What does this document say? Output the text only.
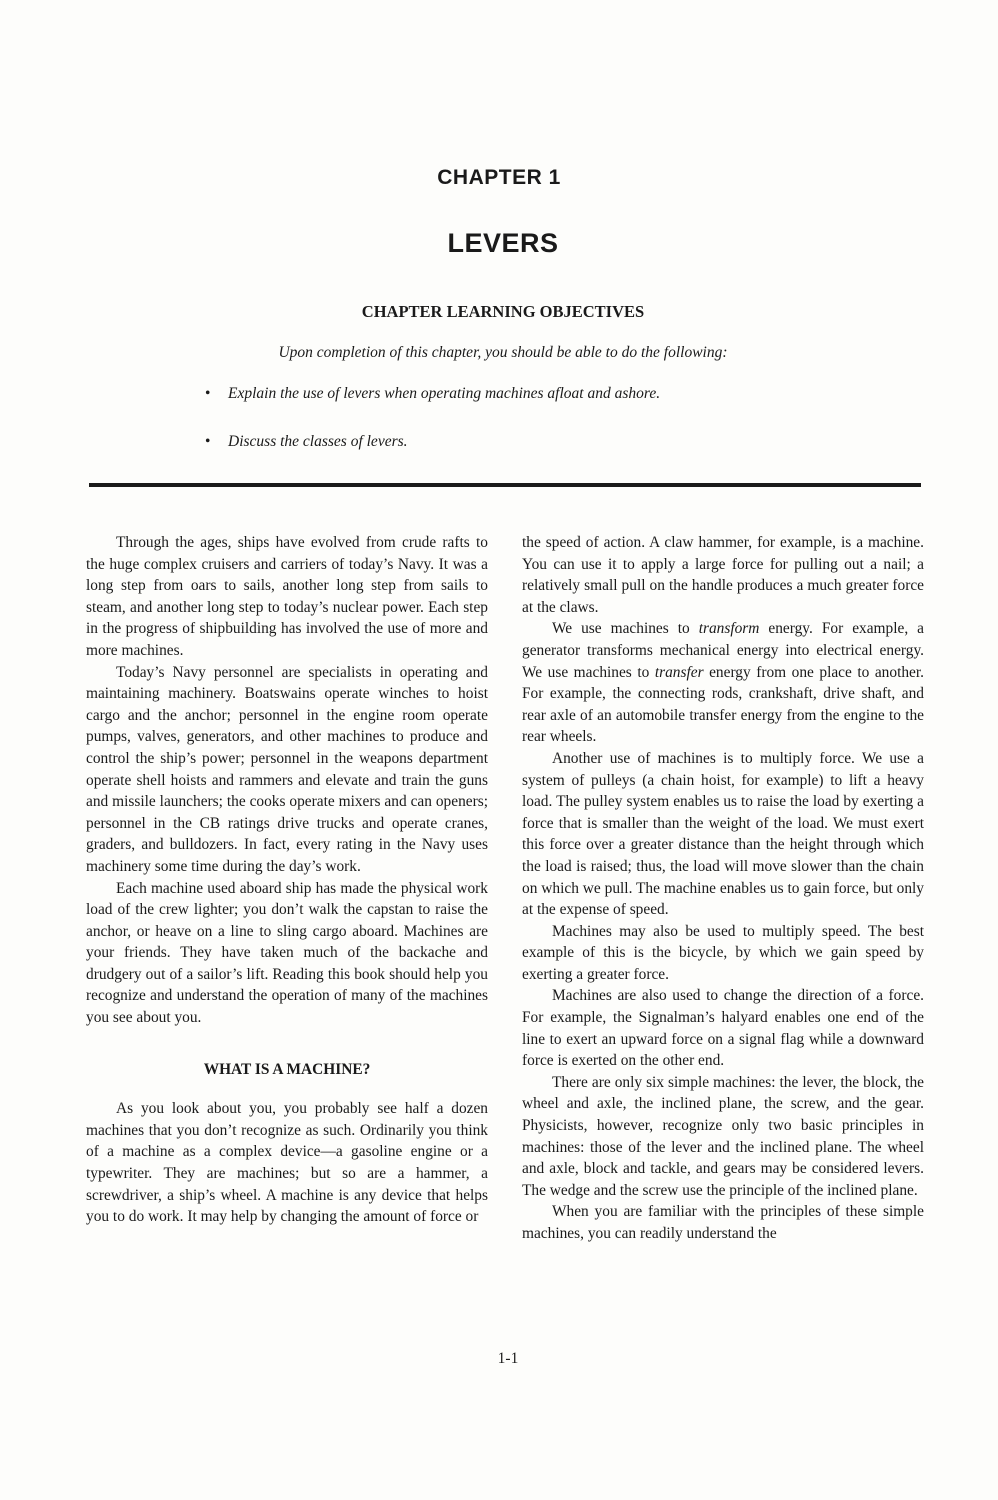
CHAPTER 1
LEVERS
CHAPTER LEARNING OBJECTIVES
Upon completion of this chapter, you should be able to do the following:
• Explain the use of levers when operating machines afloat and ashore.
• Discuss the classes of levers.

Through the ages, ships have evolved from crude rafts to the huge complex cruisers and carriers of today’s Navy. It was a long step from oars to sails, another long step from sails to steam, and another long step to today’s nuclear power. Each step in the progress of shipbuilding has involved the use of more and more machines.

Today’s Navy personnel are specialists in operating and maintaining machinery. Boatswains operate winches to hoist cargo and the anchor; personnel in the engine room operate pumps, valves, generators, and other machines to produce and control the ship’s power; personnel in the weapons department operate shell hoists and rammers and elevate and train the guns and missile launchers; the cooks operate mixers and can openers; personnel in the CB ratings drive trucks and operate cranes, graders, and bulldozers. In fact, every rating in the Navy uses machinery some time during the day’s work.

Each machine used aboard ship has made the physical work load of the crew lighter; you don’t walk the capstan to raise the anchor, or heave on a line to sling cargo aboard. Machines are your friends. They have taken much of the backache and drudgery out of a sailor’s lift. Reading this book should help you recognize and understand the operation of many of the machines you see about you.

WHAT IS A MACHINE?

As you look about you, you probably see half a dozen machines that you don’t recognize as such. Ordinarily you think of a machine as a complex device—a gasoline engine or a typewriter. They are machines; but so are a hammer, a screwdriver, a ship’s wheel. A machine is any device that helps you to do work. It may help by changing the amount of force or

the speed of action. A claw hammer, for example, is a machine. You can use it to apply a large force for pulling out a nail; a relatively small pull on the handle produces a much greater force at the claws.

We use machines to transform energy. For example, a generator transforms mechanical energy into electrical energy. We use machines to transfer energy from one place to another. For example, the connecting rods, crankshaft, drive shaft, and rear axle of an automobile transfer energy from the engine to the rear wheels.

Another use of machines is to multiply force. We use a system of pulleys (a chain hoist, for example) to lift a heavy load. The pulley system enables us to raise the load by exerting a force that is smaller than the weight of the load. We must exert this force over a greater distance than the height through which the load is raised; thus, the load will move slower than the chain on which we pull. The machine enables us to gain force, but only at the expense of speed.

Machines may also be used to multiply speed. The best example of this is the bicycle, by which we gain speed by exerting a greater force.

Machines are also used to change the direction of a force. For example, the Signalman’s halyard enables one end of the line to exert an upward force on a signal flag while a downward force is exerted on the other end.

There are only six simple machines: the lever, the block, the wheel and axle, the inclined plane, the screw, and the gear. Physicists, however, recognize only two basic principles in machines: those of the lever and the inclined plane. The wheel and axle, block and tackle, and gears may be considered levers. The wedge and the screw use the principle of the inclined plane.

When you are familiar with the principles of these simple machines, you can readily understand the

1-1
